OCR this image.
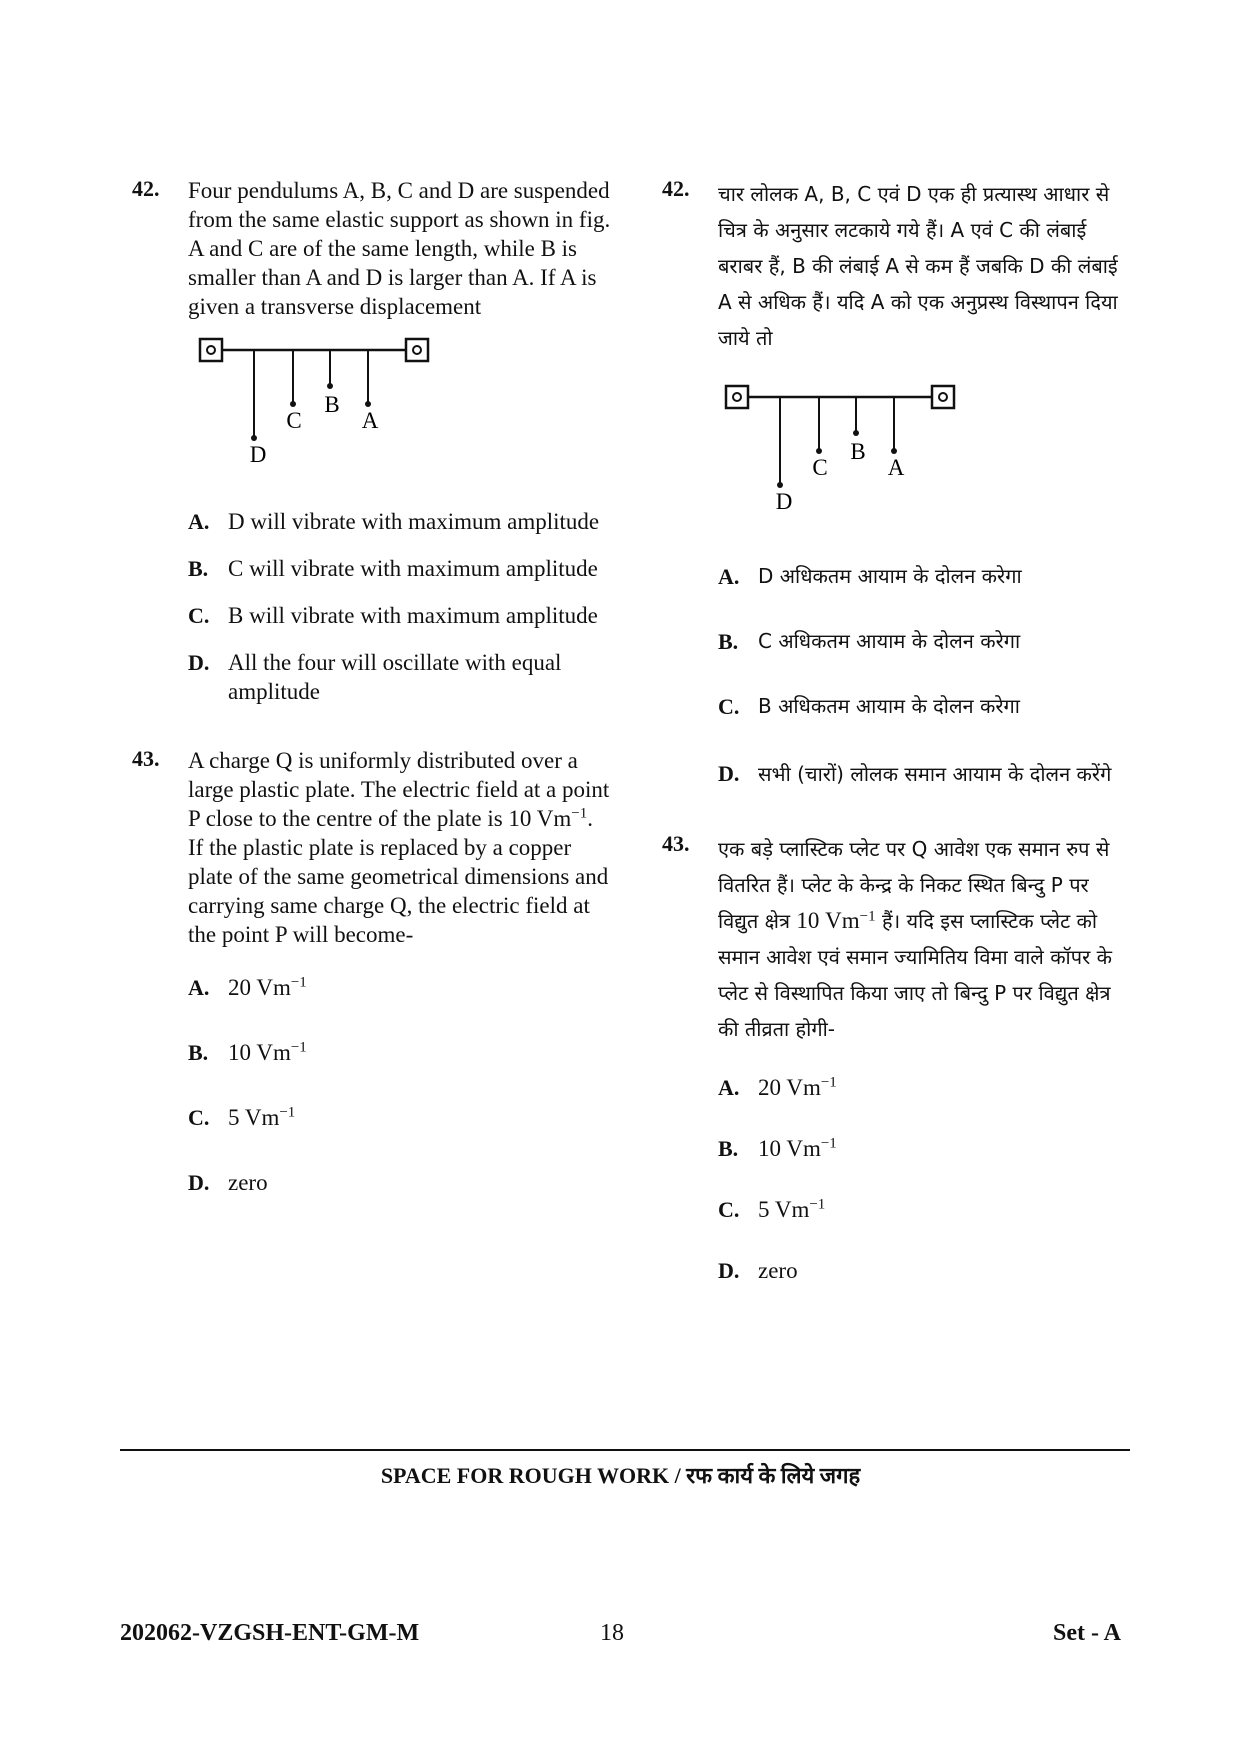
42. Four pendulums A, B, C and D are suspended from the same elastic support as shown in fig. A and C are of the same length, while B is smaller than A and D is larger than A. If A is given a transverse displacement
D
C
B
A
A. D will vibrate with maximum amplitude
B. C will vibrate with maximum amplitude
C. B will vibrate with maximum amplitude
D. All the four will oscillate with equal amplitude
43. A charge Q is uniformly distributed over a large plastic plate. The electric field at a point P close to the centre of the plate is 10 $Vm^{-1}$. If the plastic plate is replaced by a copper plate of the same geometrical dimensions and carrying same charge Q, the electric field at the point P will become-
A. 20 $Vm^{-1}$
B. 10 $Vm^{-1}$
C. 5 $Vm^{-1}$
D. zero
42. चार लोलक A, B, C एवं D एक ही प्रत्यास्थ आधार से चित्र के अनुसार लटकाये गये हैं। A एवं C की लंबाई बराबर हैं, B की लंबाई A से कम हैं जबकि D की लंबाई A से अधिक हैं। यदि A को एक अनुप्रस्थ विस्थापन दिया जाये तो
D
C
B
A
A. D अधिकतम आयाम के दोलन करेगा
B. C अधिकतम आयाम के दोलन करेगा
C. B अधिकतम आयाम के दोलन करेगा
D. सभी (चारों) लोलक समान आयाम के दोलन करेंगे
43. एक बड़े प्लास्टिक प्लेट पर Q आवेश एक समान रुप से वितरित हैं। प्लेट के केन्द्र के निकट स्थित बिन्दु P पर विद्युत क्षेत्र 10 $Vm^{-1}$ हैं। यदि इस प्लास्टिक प्लेट को समान आवेश एवं समान ज्यामितिय विमा वाले कॉपर के प्लेट से विस्थापित किया जाए तो बिन्दु P पर विद्युत क्षेत्र की तीव्रता होगी-
A. 20 $Vm^{-1}$
B. 10 $Vm^{-1}$
C. 5 $Vm^{-1}$
D. zero
SPACE FOR ROUGH WORK / रफ कार्य के लिये जगह
202062-VZGSH-ENT-GM-M	18	Set - A
